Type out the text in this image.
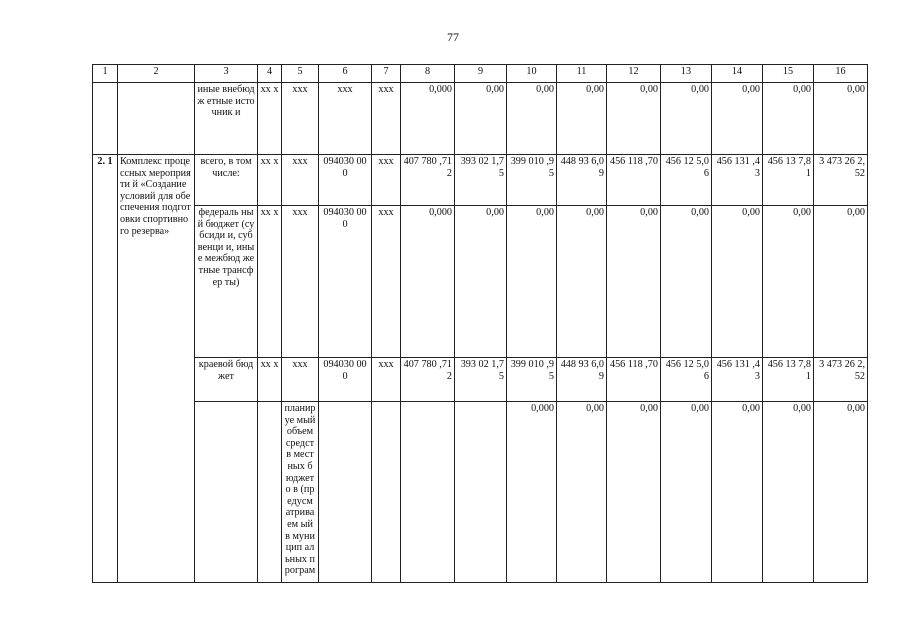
77
1	2	3	4	5	6	7	8	9	10	11	12	13	14	15	16	
		иные внебюдж етные источник и	хх х	ххх	ххх	ххх	0,000	0,00	0,00	0,00	0,00	0,00	0,00	0,00	0,00	
2. 1	Комплекс процессных мероприяти й «Создание условий для обеспечения подготовки спортивного резерва»	всего, в том числе:	хх х	ххх	094030 000	ххх	407 780 ,712	393 02 1,75	399 010 ,95	448 93 6,09	456 118 ,70	456 12 5,06	456 131 ,43	456 13 7,81	3 473 26 2,52	
		федераль ный бюджет (субсиди и, субвенци и, иные межбюд жетные трансфер ты)	хх х	ххх	094030 000	ххх	0,000	0,00	0,00	0,00	0,00	0,00	0,00	0,00	0,00	
		краевой бюджет	хх х	ххх	094030 000	ххх	407 780 ,712	393 02 1,75	399 010 ,95	448 93 6,09	456 118 ,70	456 12 5,06	456 131 ,43	456 13 7,81	3 473 26 2,52	
				планируе мый объем средств местных бюджето в (предусм атриваем ый в муницип альных програм					0,000	0,00	0,00	0,00	0,00	0,00	0,00		
